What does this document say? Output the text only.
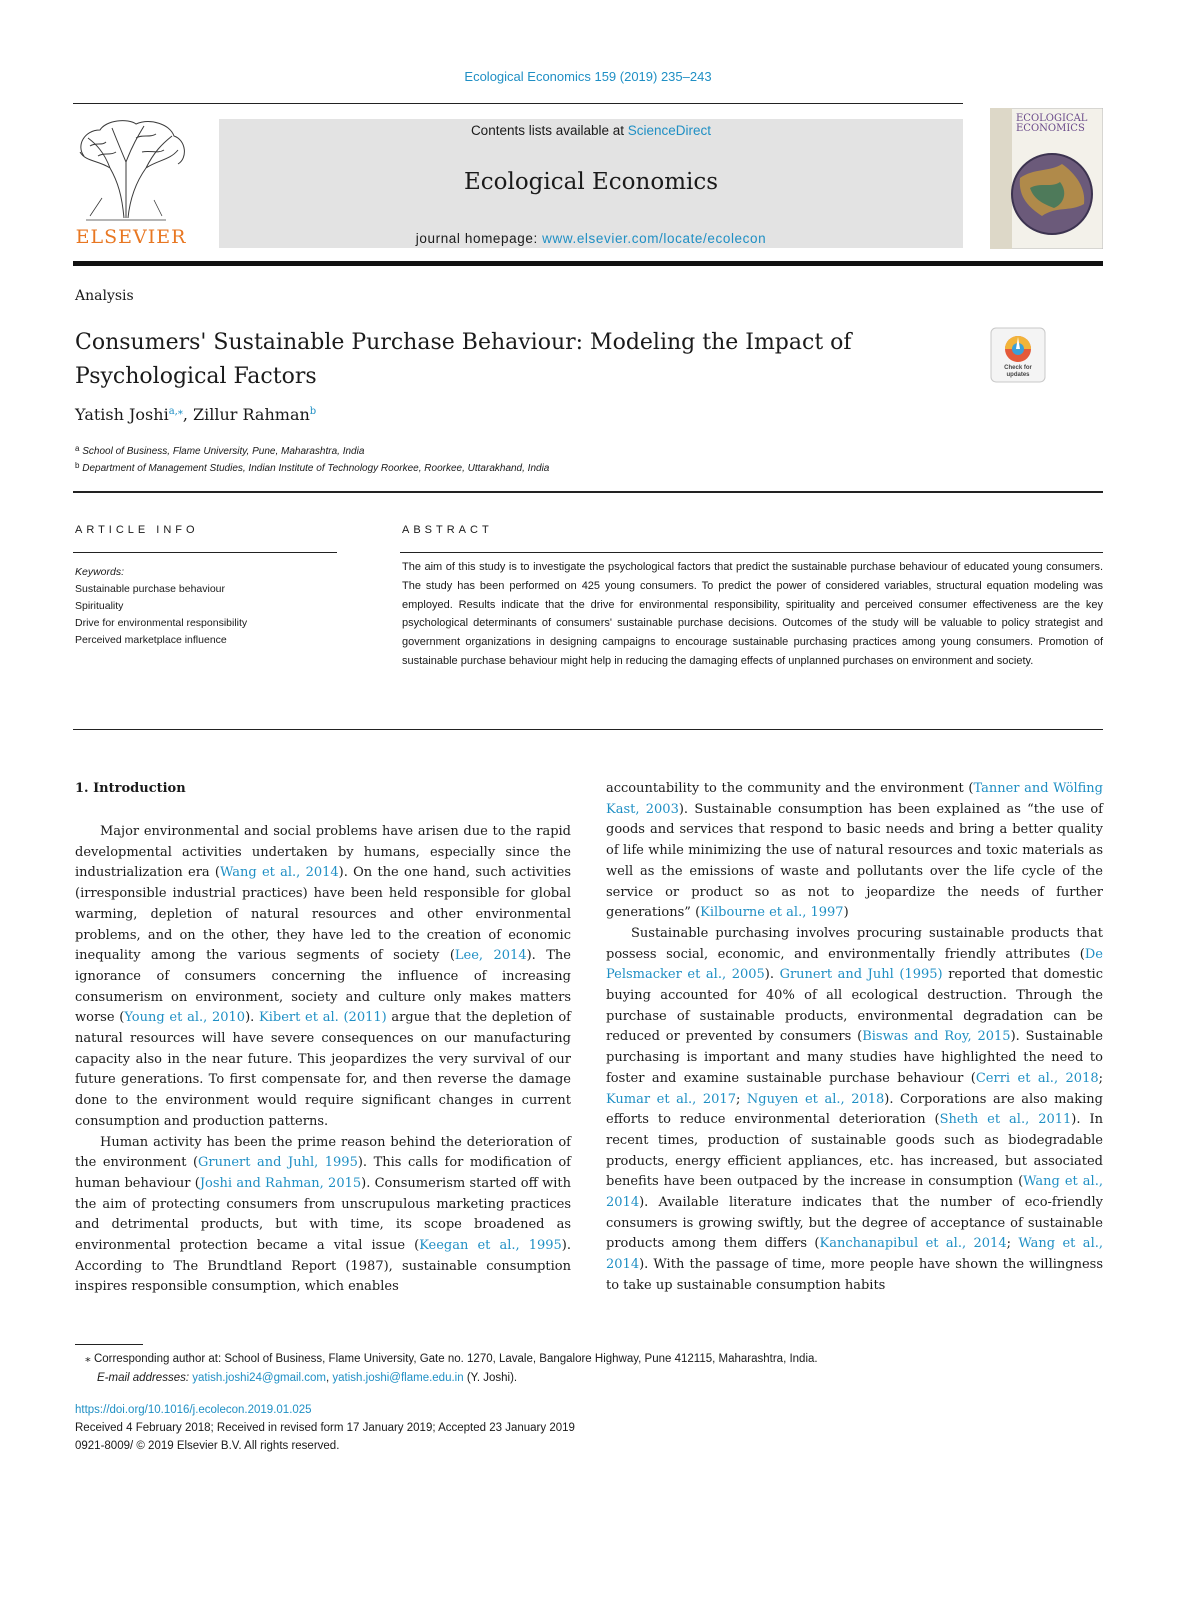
Ecological Economics 159 (2019) 235–243
ELSEVIER
Contents lists available at ScienceDirect
Ecological Economics
journal homepage: www.elsevier.com/locate/ecolecon
ECOLOGICAL
ECONOMICS
Analysis
Consumers' Sustainable Purchase Behaviour: Modeling the Impact of Psychological Factors	Check for
updates
Yatish Joshi$^{a,⁎}$, Zillur Rahman$^b$
$^a$ School of Business, Flame University, Pune, Maharashtra, India
$^b$ Department of Management Studies, Indian Institute of Technology Roorkee, Roorkee, Uttarakhand, India
ARTICLE INFO	ABSTRACT
Keywords:
Sustainable purchase behaviour
Spirituality
Drive for environmental responsibility
Perceived marketplace influence
The aim of this study is to investigate the psychological factors that predict the sustainable purchase behaviour of educated young consumers. The study has been performed on 425 young consumers. To predict the power of considered variables, structural equation modeling was employed. Results indicate that the drive for environmental responsibility, spirituality and perceived consumer effectiveness are the key psychological determinants of consumers' sustainable purchase decisions. Outcomes of the study will be valuable to policy strategist and government organizations in designing campaigns to encourage sustainable purchasing practices among young consumers. Promotion of sustainable purchase behaviour might help in reducing the damaging effects of unplanned purchases on environment and society.
1. Introduction

Major environmental and social problems have arisen due to the rapid developmental activities undertaken by humans, especially since the industrialization era (Wang et al., 2014). On the one hand, such activities (irresponsible industrial practices) have been held responsible for global warming, depletion of natural resources and other environmental problems, and on the other, they have led to the creation of economic inequality among the various segments of society (Lee, 2014). The ignorance of consumers concerning the influence of increasing consumerism on environment, society and culture only makes matters worse (Young et al., 2010). Kibert et al. (2011) argue that the depletion of natural resources will have severe consequences on our manufacturing capacity also in the near future. This jeopardizes the very survival of our future generations. To first compensate for, and then reverse the damage done to the environment would require significant changes in current consumption and production patterns.

Human activity has been the prime reason behind the deterioration of the environment (Grunert and Juhl, 1995). This calls for modification of human behaviour (Joshi and Rahman, 2015). Consumerism started off with the aim of protecting consumers from unscrupulous marketing practices and detrimental products, but with time, its scope broadened as environmental protection became a vital issue (Keegan et al., 1995). According to The Brundtland Report (1987), sustainable consumption inspires responsible consumption, which enables

accountability to the community and the environment (Tanner and Wölfing Kast, 2003). Sustainable consumption has been explained as “the use of goods and services that respond to basic needs and bring a better quality of life while minimizing the use of natural resources and toxic materials as well as the emissions of waste and pollutants over the life cycle of the service or product so as not to jeopardize the needs of further generations” (Kilbourne et al., 1997)

Sustainable purchasing involves procuring sustainable products that possess social, economic, and environmentally friendly attributes (De Pelsmacker et al., 2005). Grunert and Juhl (1995) reported that domestic buying accounted for 40% of all ecological destruction. Through the purchase of sustainable products, environmental degradation can be reduced or prevented by consumers (Biswas and Roy, 2015). Sustainable purchasing is important and many studies have highlighted the need to foster and examine sustainable purchase behaviour (Cerri et al., 2018; Kumar et al., 2017; Nguyen et al., 2018). Corporations are also making efforts to reduce environmental deterioration (Sheth et al., 2011). In recent times, production of sustainable goods such as biodegradable products, energy efficient appliances, etc. has increased, but associated benefits have been outpaced by the increase in consumption (Wang et al., 2014). Available literature indicates that the number of eco-friendly consumers is growing swiftly, but the degree of acceptance of sustainable products among them differs (Kanchanapibul et al., 2014; Wang et al., 2014). With the passage of time, more people have shown the willingness to take up sustainable consumption habits

⁎ Corresponding author at: School of Business, Flame University, Gate no. 1270, Lavale, Bangalore Highway, Pune 412115, Maharashtra, India.
E-mail addresses: yatish.joshi24@gmail.com, yatish.joshi@flame.edu.in (Y. Joshi).
https://doi.org/10.1016/j.ecolecon.2019.01.025
Received 4 February 2018; Received in revised form 17 January 2019; Accepted 23 January 2019
0921-8009/ © 2019 Elsevier B.V. All rights reserved.
